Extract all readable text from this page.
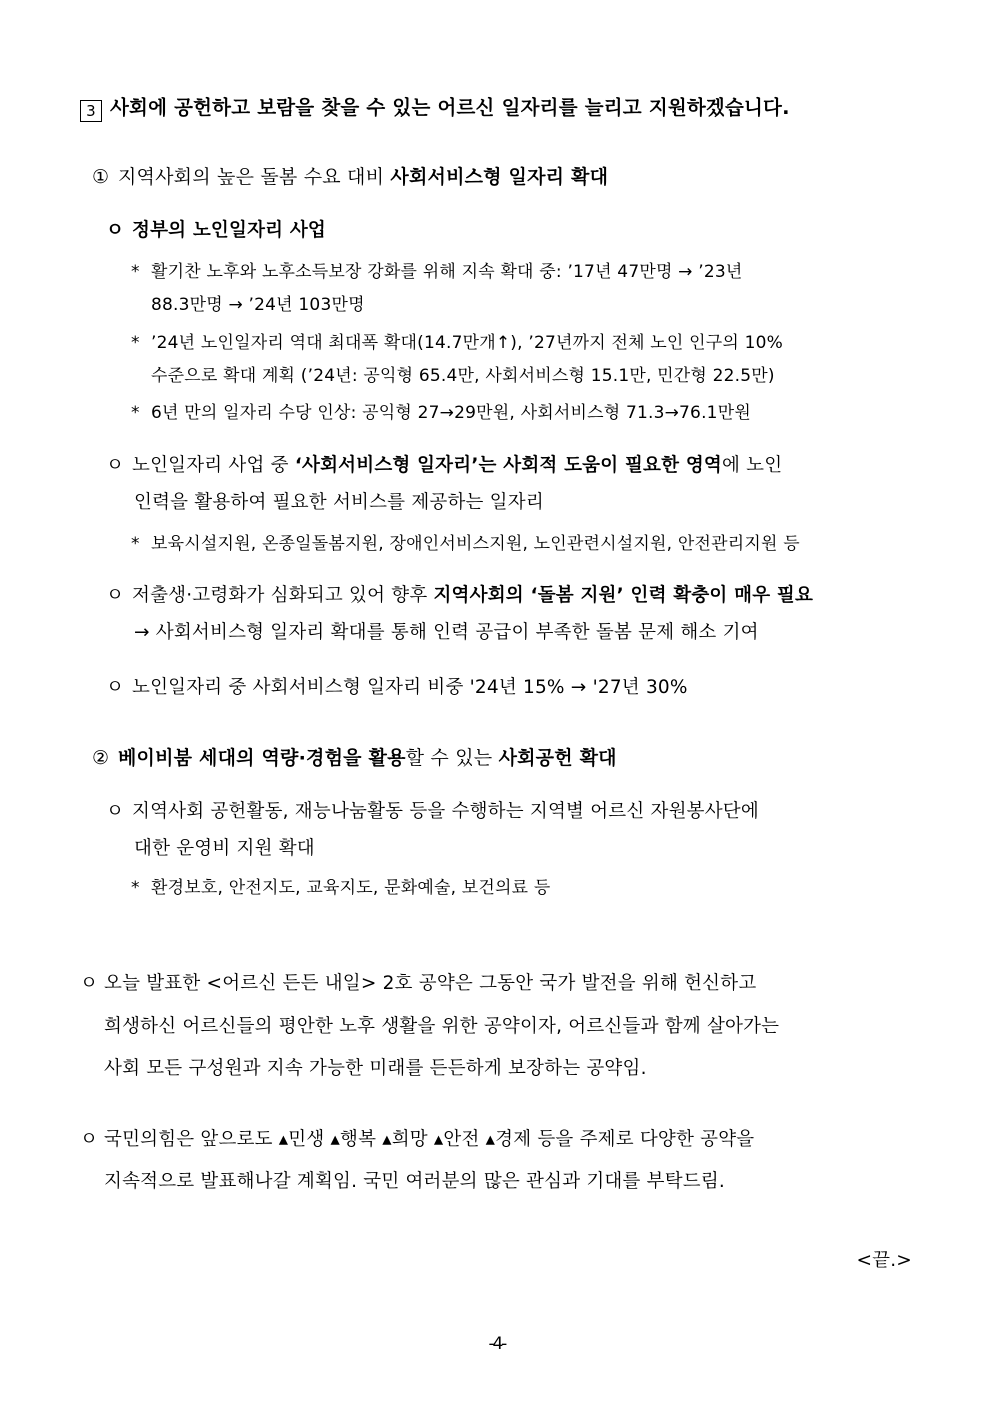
3 사회에 공헌하고 보람을 찾을 수 있는 어르신 일자리를 늘리고 지원하겠습니다.
① 지역사회의 높은 돌봄 수요 대비 사회서비스형 일자리 확대
ㅇ 정부의 노인일자리 사업
* 활기찬 노후와 노후소득보장 강화를 위해 지속 확대 중: ’17년 47만명 → ’23년
88.3만명 → ’24년 103만명
* ’24년 노인일자리 역대 최대폭 확대(14.7만개↑), ’27년까지 전체 노인 인구의 10%
수준으로 확대 계획 (’24년: 공익형 65.4만, 사회서비스형 15.1만, 민간형 22.5만)
* 6년 만의 일자리 수당 인상: 공익형 27→29만원, 사회서비스형 71.3→76.1만원
ㅇ 노인일자리 사업 중 ‘사회서비스형 일자리’는 사회적 도움이 필요한 영역에 노인
인력을 활용하여 필요한 서비스를 제공하는 일자리
* 보육시설지원, 온종일돌봄지원, 장애인서비스지원, 노인관련시설지원, 안전관리지원 등
ㅇ 저출생·고령화가 심화되고 있어 향후 지역사회의 ‘돌봄 지원’ 인력 확충이 매우 필요
→ 사회서비스형 일자리 확대를 통해 인력 공급이 부족한 돌봄 문제 해소 기여
ㅇ 노인일자리 중 사회서비스형 일자리 비중 '24년 15% → '27년 30%
② 베이비붐 세대의 역량·경험을 활용할 수 있는 사회공헌 확대
ㅇ 지역사회 공헌활동, 재능나눔활동 등을 수행하는 지역별 어르신 자원봉사단에
대한 운영비 지원 확대
* 환경보호, 안전지도, 교육지도, 문화예술, 보건의료 등
ㅇ 오늘 발표한 <어르신 든든 내일> 2호 공약은 그동안 국가 발전을 위해 헌신하고
희생하신 어르신들의 평안한 노후 생활을 위한 공약이자, 어르신들과 함께 살아가는
사회 모든 구성원과 지속 가능한 미래를 든든하게 보장하는 공약임.
ㅇ 국민의힘은 앞으로도 ▴민생 ▴행복 ▴희망 ▴안전 ▴경제 등을 주제로 다양한 공약을
지속적으로 발표해나갈 계획임. 국민 여러분의 많은 관심과 기대를 부탁드림.
<끝.>
- 4 -
